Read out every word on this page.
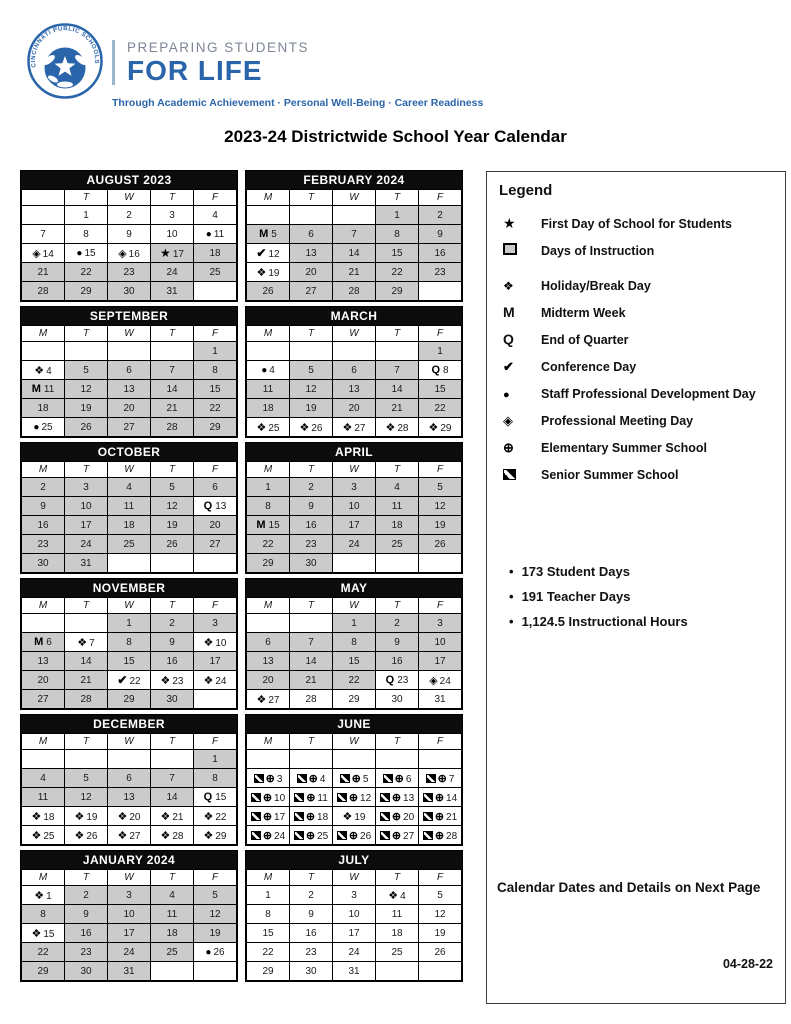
CINCINNATI PUBLIC SCHOOLS
PREPARING STUDENTS
FOR LIFE
Through Academic Achievement · Personal Well-Being · Career Readiness
2023-24 Districtwide School Year Calendar
AUGUST 2023
	T	W	T	F
	1	2	3	4
7	8	9	10	● 11
◈ 14	● 15	◈ 16	★ 17	18
21	22	23	24	25
28	29	30	31	
SEPTEMBER
M	T	W	T	F
				1
❖ 4	5	6	7	8
M 11	12	13	14	15
18	19	20	21	22
● 25	26	27	28	29
OCTOBER
M	T	W	T	F
2	3	4	5	6
9	10	11	12	Q 13
16	17	18	19	20
23	24	25	26	27
30	31			
NOVEMBER
M	T	W	T	F
		1	2	3
M 6	❖ 7	8	9	❖ 10
13	14	15	16	17
20	21	✔ 22	❖ 23	❖ 24
27	28	29	30	
DECEMBER
M	T	W	T	F
				1
4	5	6	7	8
11	12	13	14	Q 15
❖ 18	❖ 19	❖ 20	❖ 21	❖ 22
❖ 25	❖ 26	❖ 27	❖ 28	❖ 29
JANUARY 2024
M	T	W	T	F
❖ 1	2	3	4	5
8	9	10	11	12
❖ 15	16	17	18	19
22	23	24	25	● 26
29	30	31		
FEBRUARY 2024
M	T	W	T	F
			1	2
M 5	6	7	8	9
✔ 12	13	14	15	16
❖ 19	20	21	22	23
26	27	28	29	
MARCH
M	T	W	T	F
				1
● 4	5	6	7	Q 8
11	12	13	14	15
18	19	20	21	22
❖ 25	❖ 26	❖ 27	❖ 28	❖ 29
APRIL
M	T	W	T	F
1	2	3	4	5
8	9	10	11	12
M 15	16	17	18	19
22	23	24	25	26
29	30			
MAY
M	T	W	T	F
		1	2	3
6	7	8	9	10
13	14	15	16	17
20	21	22	Q 23	◈ 24
❖ 27	28	29	30	31
JUNE
M	T	W	T	F

⊕ 3	⊕ 4	⊕ 5	⊕ 6	⊕ 7
⊕ 10	⊕ 11	⊕ 12	⊕ 13	⊕ 14
⊕ 17	⊕ 18	❖ 19	⊕ 20	⊕ 21
⊕ 24	⊕ 25	⊕ 26	⊕ 27	⊕ 28
JULY
M	T	W	T	F
1	2	3	❖ 4	5
8	9	10	11	12
15	16	17	18	19
22	23	24	25	26
29	30	31		
Legend
★	First Day of School for Students
Days of Instruction
❖	Holiday/Break Day
M	Midterm Week
Q	End of Quarter
✔	Conference Day
●	Staff Professional Development Day
◈	Professional Meeting Day
⊕	Elementary Summer School
Senior Summer School
• 173 Student Days
• 191 Teacher Days
• 1,124.5 Instructional Hours
Calendar Dates and Details on Next Page
04-28-22
